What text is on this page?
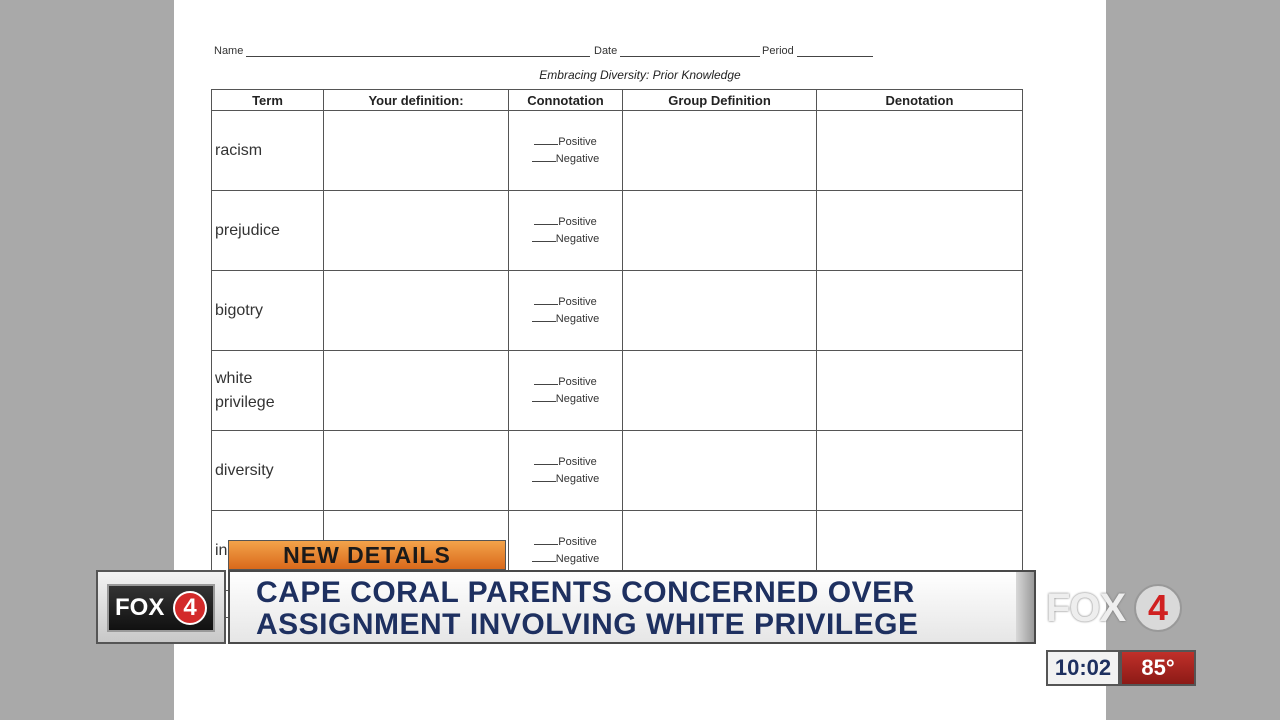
Name	Date	Period
Embracing Diversity: Prior Knowledge
Term	Your definition:	Connotation	Group Definition	Denotation
racism		Positive
Negative		
prejudice		Positive
Negative		
bigotry		Positive
Negative		
white privilege		Positive
Negative		
diversity		Positive
Negative		
in		Positive
Negative		

NEW DETAILS
FOX 4	CAPE CORAL PARENTS CONCERNED OVER
ASSIGNMENT INVOLVING WHITE PRIVILEGE	FOX 4
10:02	85°
